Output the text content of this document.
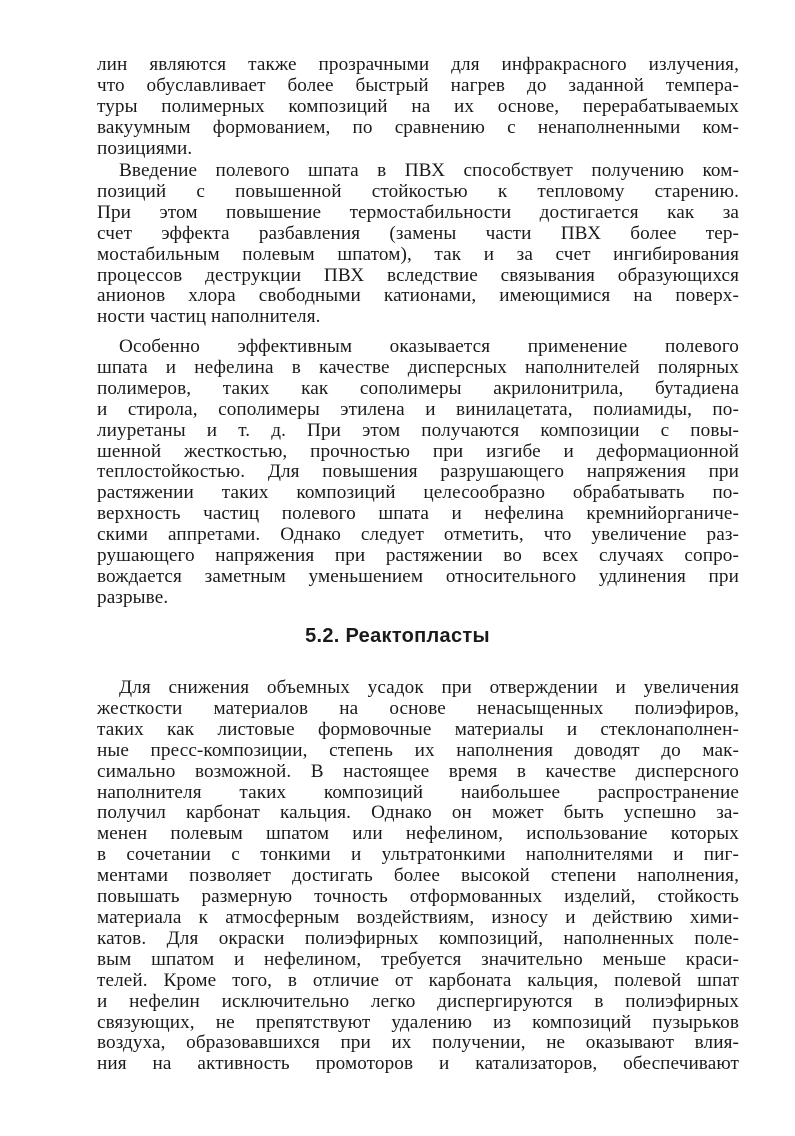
лин являются также прозрачными для инфракрасного излучения,
что обуславливает более быстрый нагрев до заданной темпера-
туры полимерных композиций на их основе, перерабатываемых
вакуумным формованием, по сравнению с ненаполненными ком-
позициями.
Введение полевого шпата в ПВХ способствует получению ком-
позиций с повышенной стойкостью к тепловому старению.
При этом повышение термостабильности достигается как за
счет эффекта разбавления (замены части ПВХ более тер-
мостабильным полевым шпатом), так и за счет ингибирования
процессов деструкции ПВХ вследствие связывания образующихся
анионов хлора свободными катионами, имеющимися на поверх-
ности частиц наполнителя.
Особенно эффективным оказывается применение полевого
шпата и нефелина в качестве дисперсных наполнителей полярных
полимеров, таких как сополимеры акрилонитрила, бутадиена
и стирола, сополимеры этилена и винилацетата, полиамиды, по-
лиуретаны и т. д. При этом получаются композиции с повы-
шенной жесткостью, прочностью при изгибе и деформационной
теплостойкостью. Для повышения разрушающего напряжения при
растяжении таких композиций целесообразно обрабатывать по-
верхность частиц полевого шпата и нефелина кремнийорганиче-
скими аппретами. Однако следует отметить, что увеличение раз-
рушающего напряжения при растяжении во всех случаях сопро-
вождается заметным уменьшением относительного удлинения при
разрыве.
5.2. Реактопласты
Для снижения объемных усадок при отверждении и увеличения
жесткости материалов на основе ненасыщенных полиэфиров,
таких как листовые формовочные материалы и стеклонаполнен-
ные пресс-композиции, степень их наполнения доводят до мак-
симально возможной. В настоящее время в качестве дисперсного
наполнителя таких композиций наибольшее распространение
получил карбонат кальция. Однако он может быть успешно за-
менен полевым шпатом или нефелином, использование которых
в сочетании с тонкими и ультратонкими наполнителями и пиг-
ментами позволяет достигать более высокой степени наполнения,
повышать размерную точность отформованных изделий, стойкость
материала к атмосферным воздействиям, износу и действию хими-
катов. Для окраски полиэфирных композиций, наполненных поле-
вым шпатом и нефелином, требуется значительно меньше краси-
телей. Кроме того, в отличие от карбоната кальция, полевой шпат
и нефелин исключительно легко диспергируются в полиэфирных
связующих, не препятствуют удалению из композиций пузырьков
воздуха, образовавшихся при их получении, не оказывают влия-
ния на активность промоторов и катализаторов, обеспечивают
